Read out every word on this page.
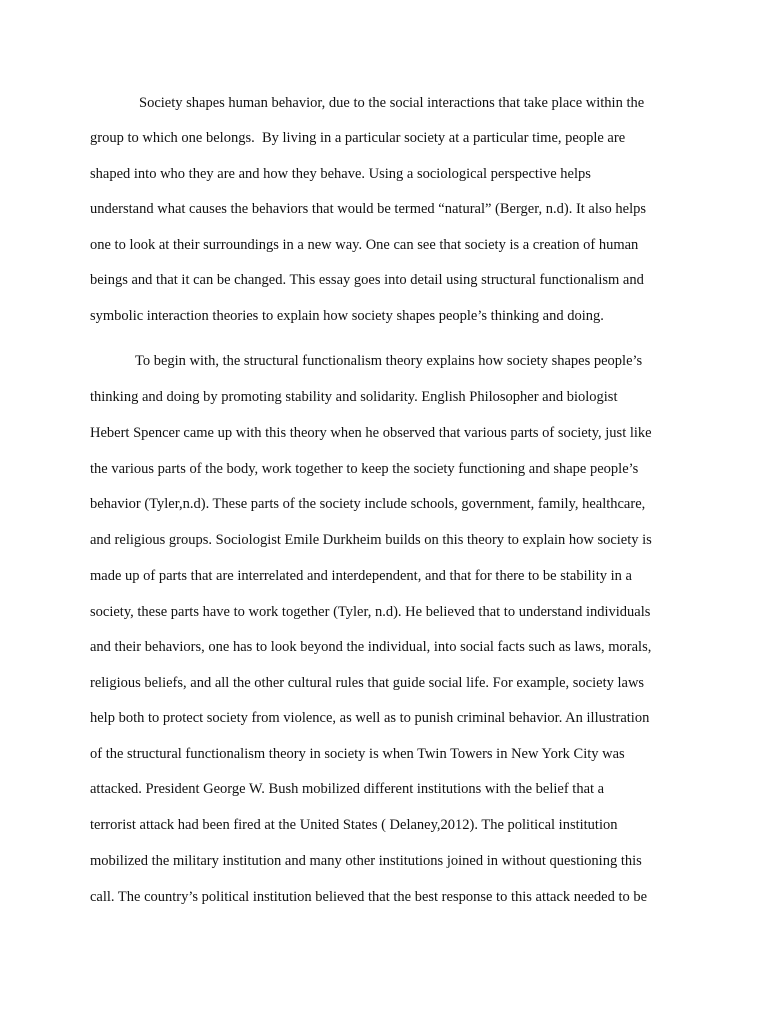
Society shapes human behavior, due to the social interactions that take place within the

group to which one belongs.  By living in a particular society at a particular time, people are

shaped into who they are and how they behave. Using a sociological perspective helps

understand what causes the behaviors that would be termed “natural” (Berger, n.d). It also helps

one to look at their surroundings in a new way. One can see that society is a creation of human

beings and that it can be changed. This essay goes into detail using structural functionalism and

symbolic interaction theories to explain how society shapes people’s thinking and doing.

To begin with, the structural functionalism theory explains how society shapes people’s

thinking and doing by promoting stability and solidarity. English Philosopher and biologist

Hebert Spencer came up with this theory when he observed that various parts of society, just like

the various parts of the body, work together to keep the society functioning and shape people’s

behavior (Tyler,n.d). These parts of the society include schools, government, family, healthcare,

and religious groups. Sociologist Emile Durkheim builds on this theory to explain how society is

made up of parts that are interrelated and interdependent, and that for there to be stability in a

society, these parts have to work together (Tyler, n.d). He believed that to understand individuals

and their behaviors, one has to look beyond the individual, into social facts such as laws, morals,

religious beliefs, and all the other cultural rules that guide social life. For example, society laws

help both to protect society from violence, as well as to punish criminal behavior. An illustration

of the structural functionalism theory in society is when Twin Towers in New York City was

attacked. President George W. Bush mobilized different institutions with the belief that a

terrorist attack had been fired at the United States ( Delaney,2012). The political institution

mobilized the military institution and many other institutions joined in without questioning this

call. The country’s political institution believed that the best response to this attack needed to be
